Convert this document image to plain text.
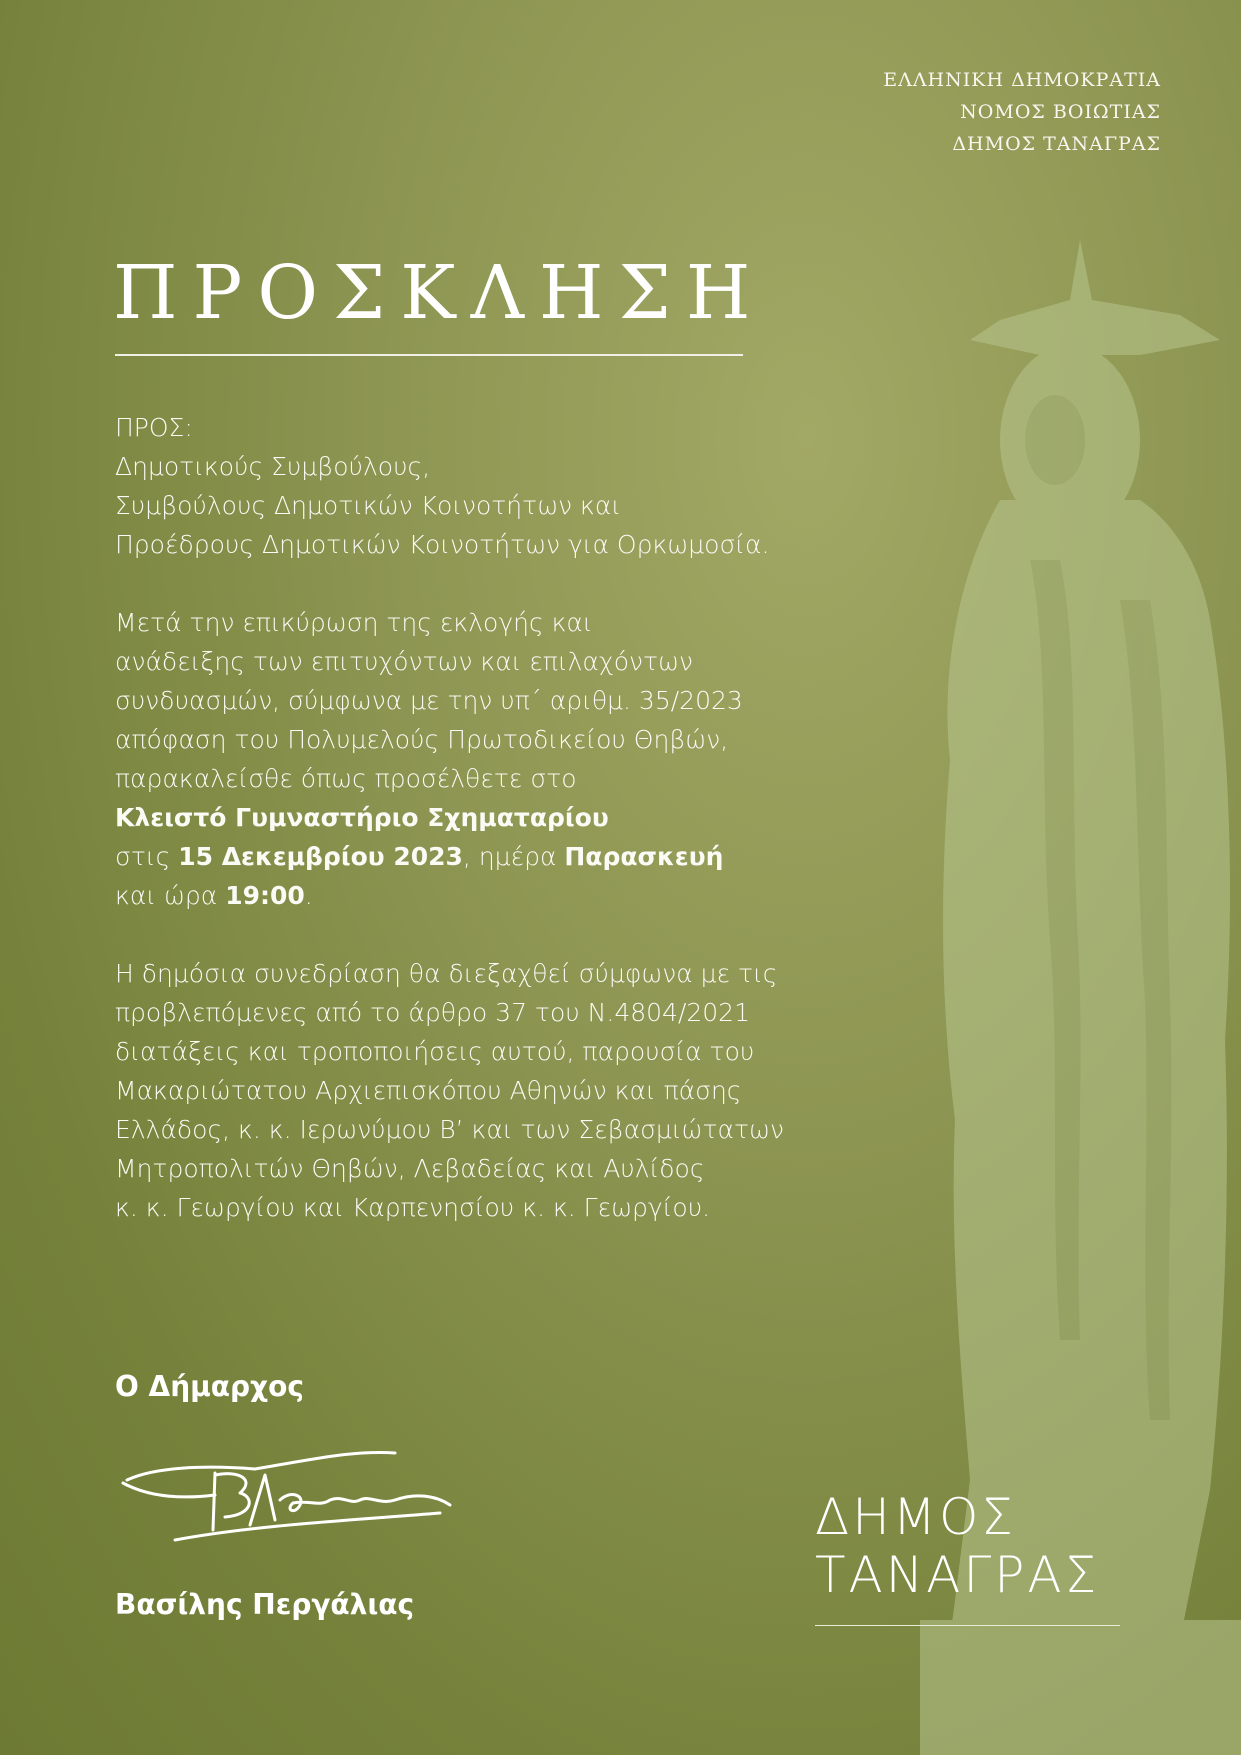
ΕΛΛΗΝΙΚΗ ΔΗΜΟΚΡΑΤΙΑ
ΝΟΜΟΣ ΒΟΙΩΤΙΑΣ
ΔΗΜΟΣ ΤΑΝΑΓΡΑΣ
ΠΡΟΣΚΛΗΣΗ

ΠΡΟΣ:

Δημοτικούς Συμβούλους,

Συμβούλους Δημοτικών Κοινοτήτων και

Προέδρους Δημοτικών Κοινοτήτων για Ορκωμοσία.

Μετά την επικύρωση της εκλογής και

ανάδειξης των επιτυχόντων και επιλαχόντων

συνδυασμών, σύμφωνα με την υπ΄ αριθμ. 35/2023

απόφαση του Πολυμελούς Πρωτοδικείου Θηβών,

παρακαλείσθε όπως προσέλθετε στο

Κλειστό Γυμναστήριο Σχηματαρίου

στις 15 Δεκεμβρίου 2023, ημέρα Παρασκευή

και ώρα 19:00.

Η δημόσια συνεδρίαση θα διεξαχθεί σύμφωνα με τις

προβλεπόμενες από το άρθρο 37 του Ν.4804/2021

διατάξεις και τροποποιήσεις αυτού, παρουσία του

Μακαριώτατου Αρχιεπισκόπου Αθηνών και πάσης

Ελλάδος, κ. κ. Ιερωνύμου Β’ και των Σεβασμιώτατων

Μητροπολιτών Θηβών, Λεβαδείας και Αυλίδος

κ. κ. Γεωργίου και Καρπενησίου κ. κ. Γεωργίου.

Ο Δήμαρχος
Βασίλης Περγάλιας
ΔΗΜΟΣ
ΤΑΝΑΓΡΑΣ
